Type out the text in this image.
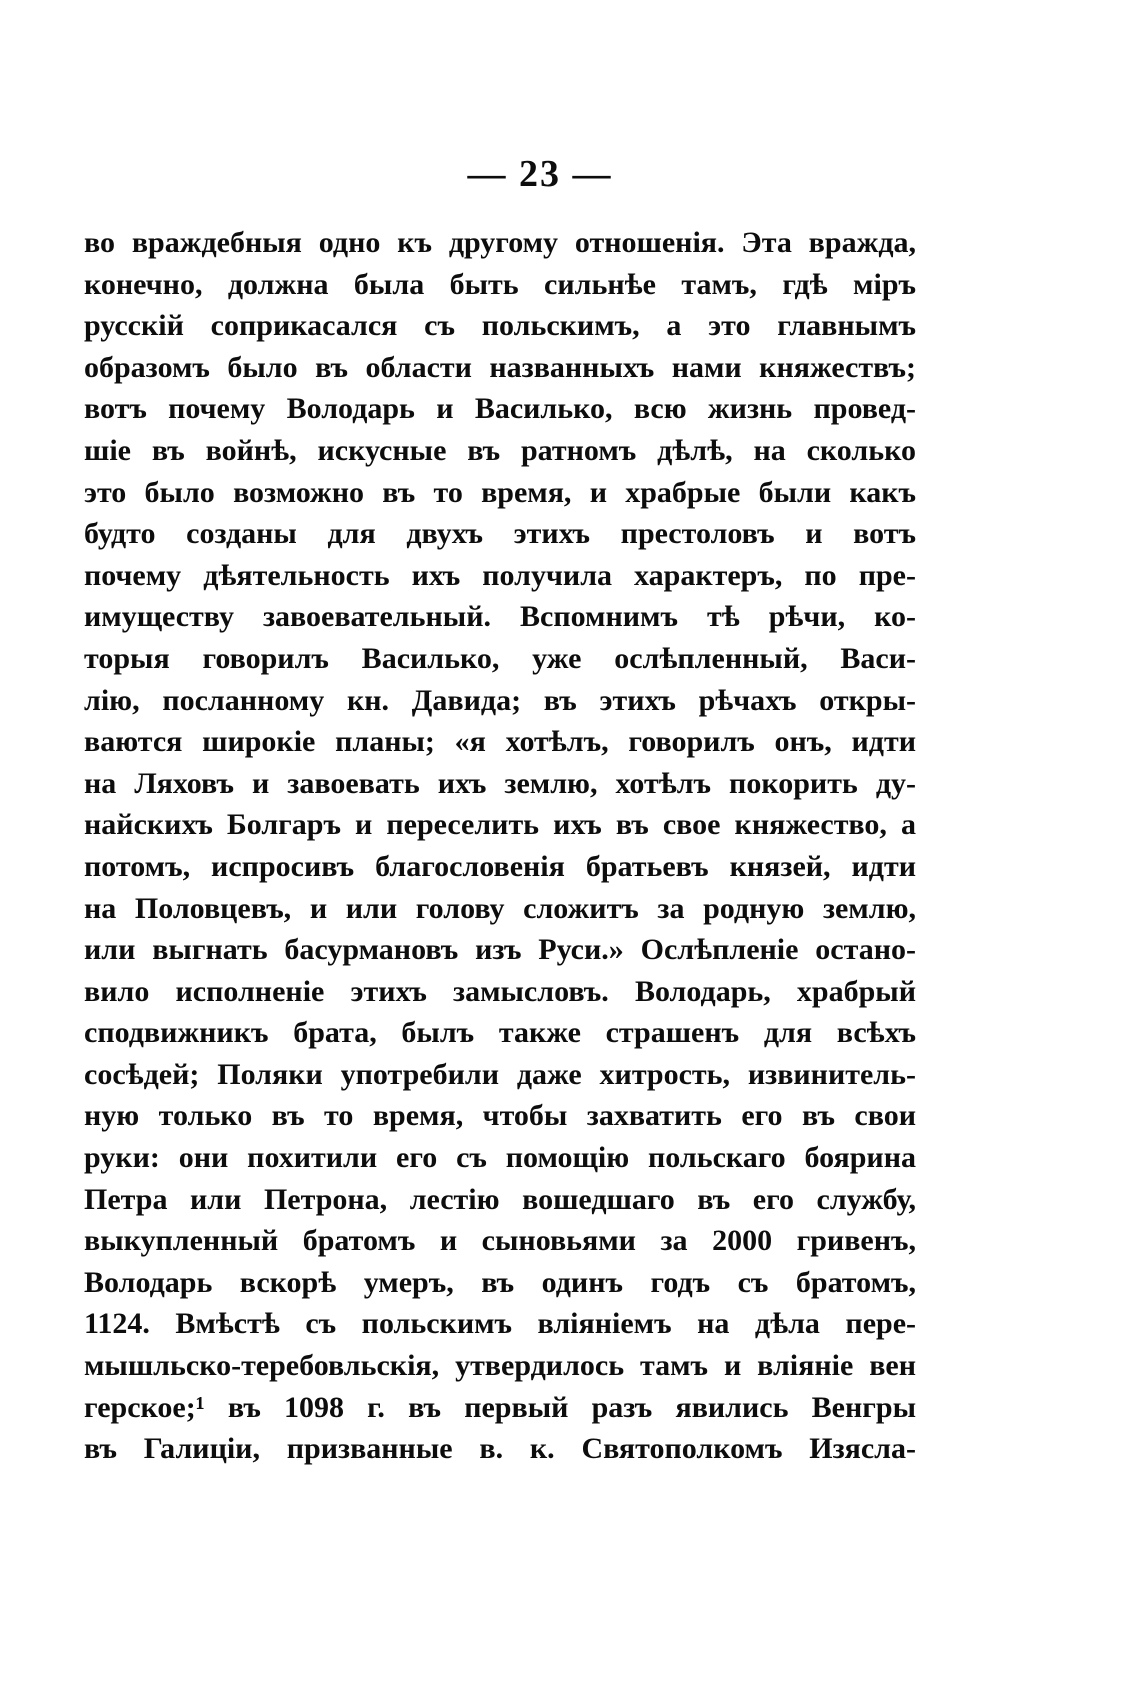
— 23 —
во враждебныя одно къ другому отношенія. Эта вражда,
конечно, должна была быть сильнѣе тамъ, гдѣ міръ
русскій соприкасался съ польскимъ, а это главнымъ
образомъ было въ области названныхъ нами княжествъ;
вотъ почему Володарь и Василько, всю жизнь провед-
шіе въ войнѣ, искусные въ ратномъ дѣлѣ, на сколько
это было возможно въ то время, и храбрые были какъ
будто созданы для двухъ этихъ престоловъ и вотъ
почему дѣятельность ихъ получила характеръ, по пре-
имуществу завоевательный. Вспомнимъ тѣ рѣчи, ко-
торыя говорилъ Василько, уже ослѣпленный, Васи-
лію, посланному кн. Давида; въ этихъ рѣчахъ откры-
ваются широкіе планы; «я хотѣлъ, говорилъ онъ, идти
на Ляховъ и завоевать ихъ землю, хотѣлъ покорить ду-
найскихъ Болгаръ и переселить ихъ въ свое княжество, а
потомъ, испросивъ благословенія братьевъ князей, идти
на Половцевъ, и или голову сложитъ за родную землю,
или выгнать басурмановъ изъ Руси.» Ослѣпленіе остано-
вило исполненіе этихъ замысловъ. Володарь, храбрый
сподвижникъ брата, былъ также страшенъ для всѣхъ
сосѣдей; Поляки употребили даже хитрость, извинитель-
ную только въ то время, чтобы захватить его въ свои
руки: они похитили его съ помощію польскаго боярина
Петра или Петрона, лестію вошедшаго въ его службу,
выкупленный братомъ и сыновьями за 2000 гривенъ,
Володарь вскорѣ умеръ, въ одинъ годъ съ братомъ,
1124. Вмѣстѣ съ польскимъ вліяніемъ на дѣла пере-
мышльско-теребовльскія, утвердилось тамъ и вліяніе вен
герское;¹ въ 1098 г. въ первый разъ явились Венгры
въ Галиціи, призванные в. к. Святополкомъ Изясла-
